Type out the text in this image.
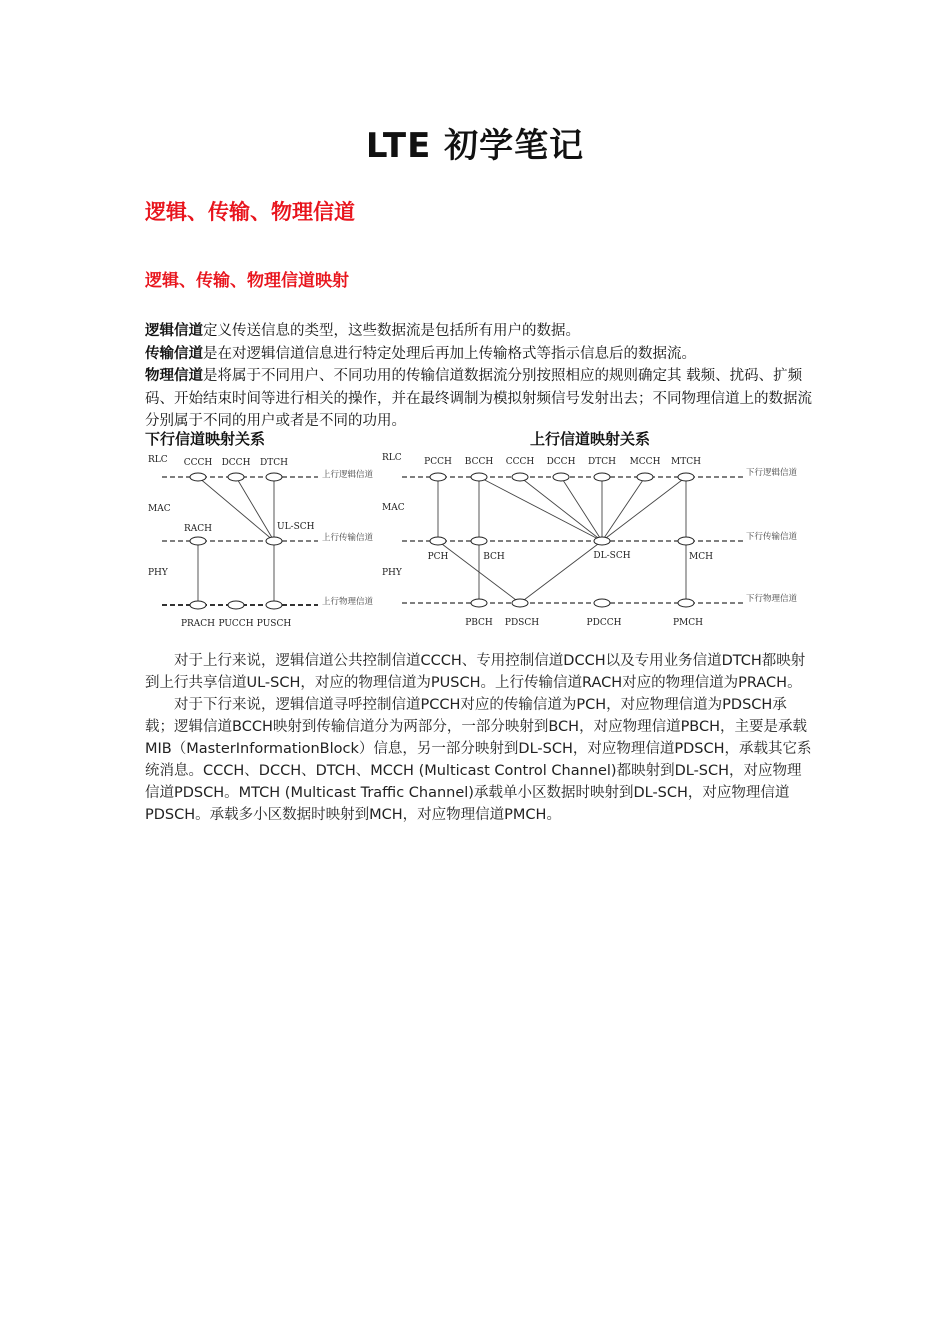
LTE 初学笔记
逻辑、传输、物理信道
逻辑、传输、物理信道映射

逻辑信道定义传送信息的类型，这些数据流是包括所有用户的数据。

传输信道是在对逻辑信道信息进行特定处理后再加上传输格式等指示信息后的数据流。

物理信道是将属于不同用户、不同功用的传输信道数据流分别按照相应的规则确定其 载频、扰码、扩频码、开始结束时间等进行相关的操作，并在最终调制为模拟射频信号发射出去；不同物理信道上的数据流分别属于不同的用户或者是不同的功用。

下行信道映射关系	上行信道映射关系
RLC
MAC
PHY
CCCH DCCH DTCH
RACH	UL-SCH
PRACH PUCCH PUSCH
上行逻辑信道
上行传输信道
上行物理信道
RLC
MAC
PHY
PCCH BCCH CCCH DCCH DTCH MCCH MTCH
PCH	BCH	DL-SCH	MCH
PBCH PDSCH	PDCCH	PMCH
下行逻辑信道
下行传输信道
下行物理信道

对于上行来说，逻辑信道公共控制信道CCCH、专用控制信道DCCH以及专用业务信道DTCH都映射到上行共享信道UL-SCH，对应的物理信道为PUSCH。上行传输信道RACH对应的物理信道为PRACH。

对于下行来说，逻辑信道寻呼控制信道PCCH对应的传输信道为PCH，对应物理信道为PDSCH承载；逻辑信道BCCH映射到传输信道分为两部分，一部分映射到BCH，对应物理信道PBCH，主要是承载MIB（MasterInformationBlock）信息，另一部分映射到DL-SCH，对应物理信道PDSCH，承载其它系统消息。CCCH、DCCH、DTCH、MCCH (Multicast Control Channel)都映射到DL-SCH，对应物理信道PDSCH。MTCH (Multicast Traffic Channel)承载单小区数据时映射到DL-SCH，对应物理信道PDSCH。承载多小区数据时映射到MCH，对应物理信道PMCH。
